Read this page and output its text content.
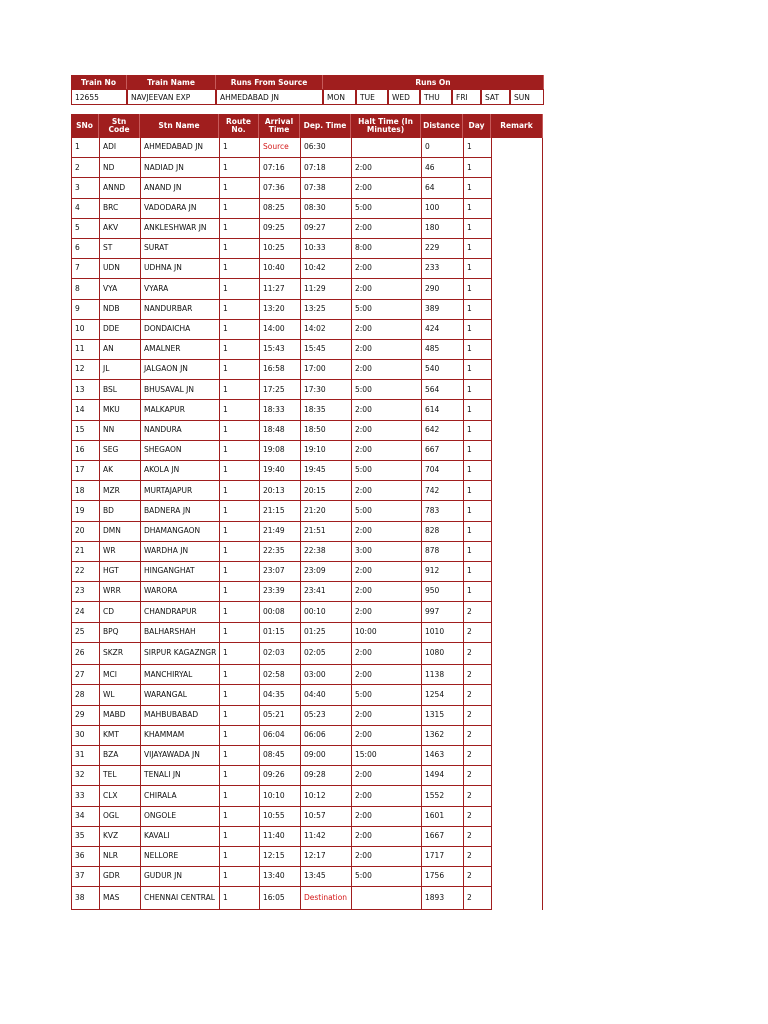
Train No	Train Name	Runs From Source	Runs On						
12655	NAVJEEVAN EXP	AHMEDABAD JN	MON	TUE	WED	THU	FRI	SAT	SUN
SNo	Stn Code	Stn Name	Route No.	Arrival Time	Dep. Time	Halt Time (In Minutes)	Distance	Day	Remark
1	ADI	AHMEDABAD JN	1	Source	06:30		0	1	
2	ND	NADIAD JN	1	07:16	07:18	2:00	46	1	
3	ANND	ANAND JN	1	07:36	07:38	2:00	64	1	
4	BRC	VADODARA JN	1	08:25	08:30	5:00	100	1	
5	AKV	ANKLESHWAR JN	1	09:25	09:27	2:00	180	1	
6	ST	SURAT	1	10:25	10:33	8:00	229	1	
7	UDN	UDHNA JN	1	10:40	10:42	2:00	233	1	
8	VYA	VYARA	1	11:27	11:29	2:00	290	1	
9	NDB	NANDURBAR	1	13:20	13:25	5:00	389	1	
10	DDE	DONDAICHA	1	14:00	14:02	2:00	424	1	
11	AN	AMALNER	1	15:43	15:45	2:00	485	1	
12	JL	JALGAON JN	1	16:58	17:00	2:00	540	1	
13	BSL	BHUSAVAL JN	1	17:25	17:30	5:00	564	1	
14	MKU	MALKAPUR	1	18:33	18:35	2:00	614	1	
15	NN	NANDURA	1	18:48	18:50	2:00	642	1	
16	SEG	SHEGAON	1	19:08	19:10	2:00	667	1	
17	AK	AKOLA JN	1	19:40	19:45	5:00	704	1	
18	MZR	MURTAJAPUR	1	20:13	20:15	2:00	742	1	
19	BD	BADNERA JN	1	21:15	21:20	5:00	783	1	
20	DMN	DHAMANGAON	1	21:49	21:51	2:00	828	1	
21	WR	WARDHA JN	1	22:35	22:38	3:00	878	1	
22	HGT	HINGANGHAT	1	23:07	23:09	2:00	912	1	
23	WRR	WARORA	1	23:39	23:41	2:00	950	1	
24	CD	CHANDRAPUR	1	00:08	00:10	2:00	997	2	
25	BPQ	BALHARSHAH	1	01:15	01:25	10:00	1010	2	
26	SKZR	SIRPUR KAGAZNGR	1	02:03	02:05	2:00	1080	2	
27	MCI	MANCHIRYAL	1	02:58	03:00	2:00	1138	2	
28	WL	WARANGAL	1	04:35	04:40	5:00	1254	2	
29	MABD	MAHBUBABAD	1	05:21	05:23	2:00	1315	2	
30	KMT	KHAMMAM	1	06:04	06:06	2:00	1362	2	
31	BZA	VIJAYAWADA JN	1	08:45	09:00	15:00	1463	2	
32	TEL	TENALI JN	1	09:26	09:28	2:00	1494	2	
33	CLX	CHIRALA	1	10:10	10:12	2:00	1552	2	
34	OGL	ONGOLE	1	10:55	10:57	2:00	1601	2	
35	KVZ	KAVALI	1	11:40	11:42	2:00	1667	2	
36	NLR	NELLORE	1	12:15	12:17	2:00	1717	2	
37	GDR	GUDUR JN	1	13:40	13:45	5:00	1756	2	
38	MAS	CHENNAI CENTRAL	1	16:05	Destination		1893	2	
